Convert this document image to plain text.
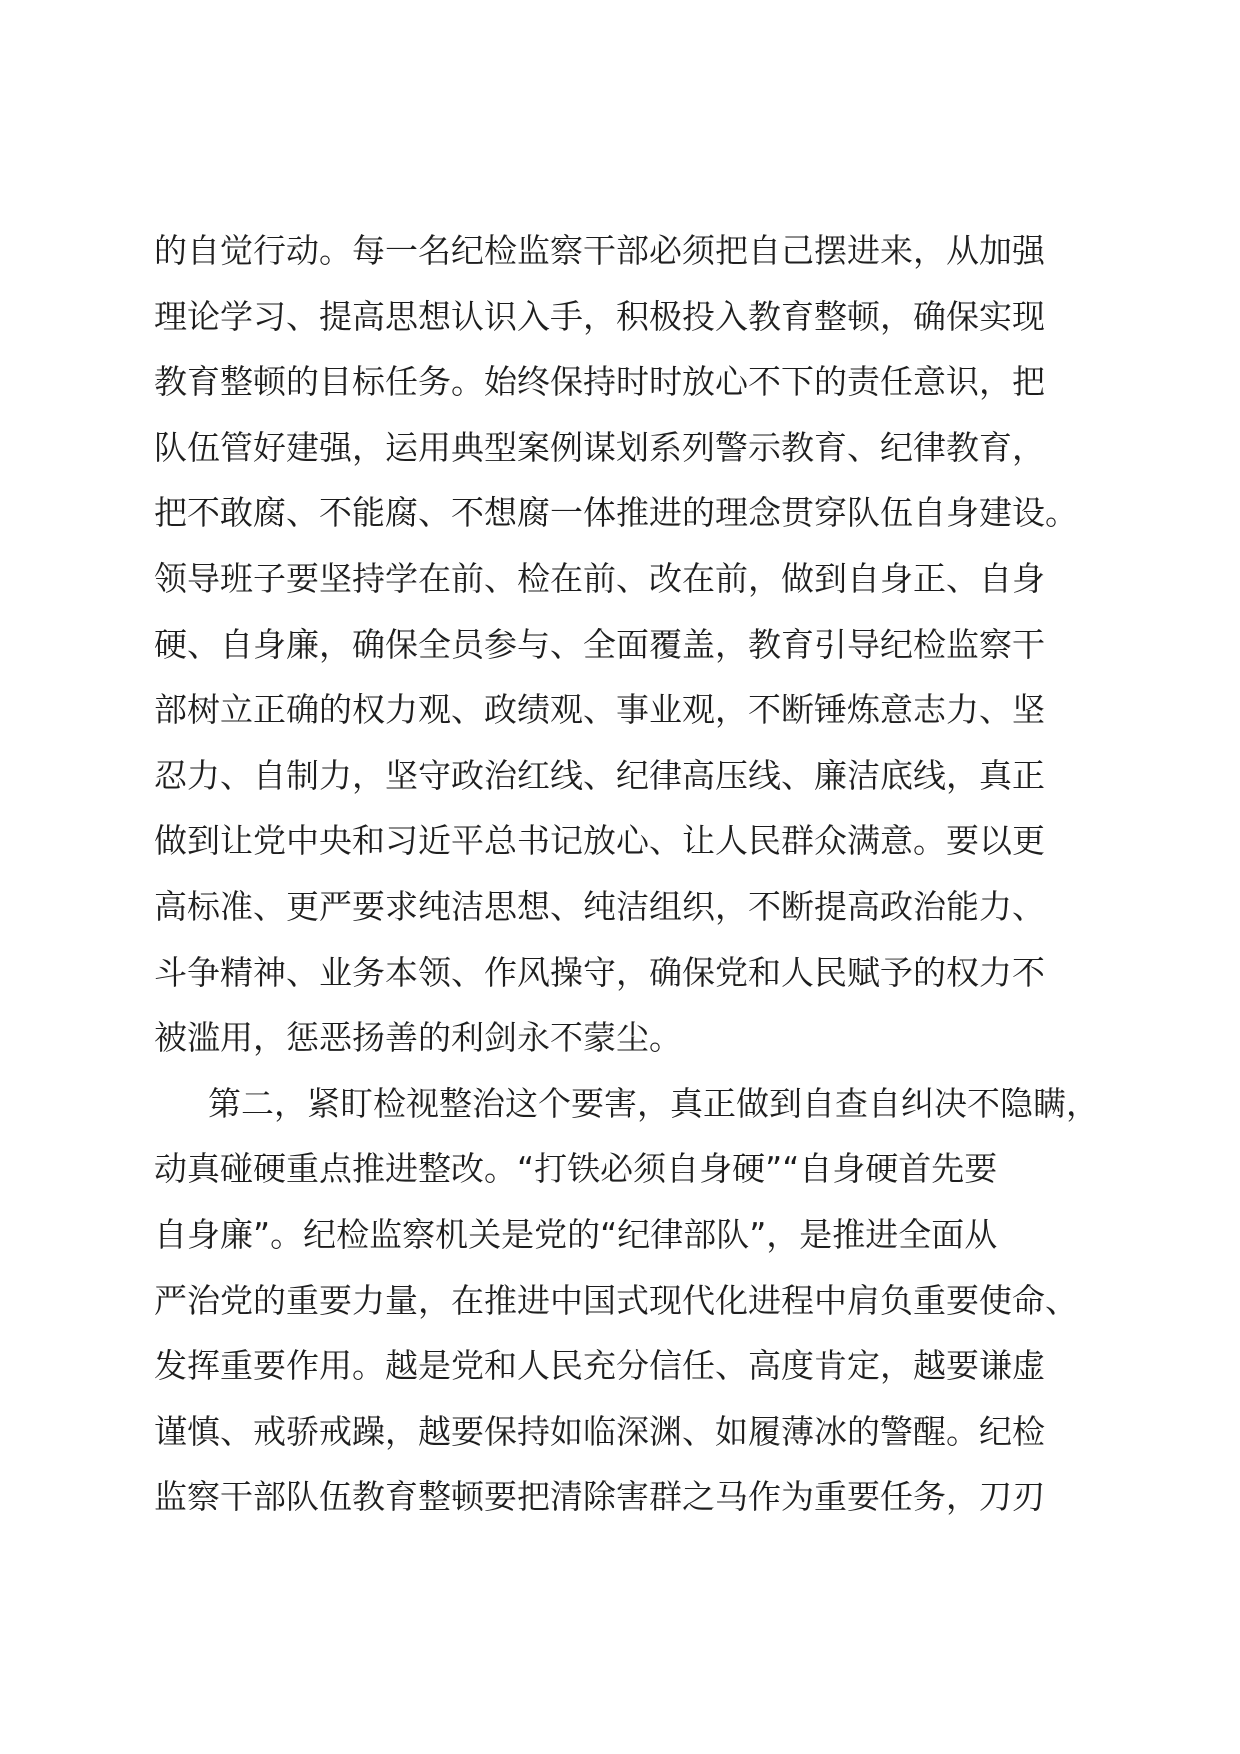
的自觉行动。每一名纪检监察干部必须把自己摆进来，从加强
理论学习、提高思想认识入手，积极投入教育整顿，确保实现
教育整顿的目标任务。始终保持时时放心不下的责任意识，把
队伍管好建强，运用典型案例谋划系列警示教育、纪律教育，
把不敢腐、不能腐、不想腐一体推进的理念贯穿队伍自身建设。
领导班子要坚持学在前、检在前、改在前，做到自身正、自身
硬、自身廉，确保全员参与、全面覆盖，教育引导纪检监察干
部树立正确的权力观、政绩观、事业观，不断锤炼意志力、坚
忍力、自制力，坚守政治红线、纪律高压线、廉洁底线，真正
做到让党中央和习近平总书记放心、让人民群众满意。要以更
高标准、更严要求纯洁思想、纯洁组织，不断提高政治能力、
斗争精神、业务本领、作风操守，确保党和人民赋予的权力不
被滥用，惩恶扬善的利剑永不蒙尘。
第二，紧盯检视整治这个要害，真正做到自查自纠决不隐瞒，
动真碰硬重点推进整改。“打铁必须自身硬”“自身硬首先要
自身廉”。纪检监察机关是党的“纪律部队”，是推进全面从
严治党的重要力量，在推进中国式现代化进程中肩负重要使命、
发挥重要作用。越是党和人民充分信任、高度肯定，越要谦虚
谨慎、戒骄戒躁，越要保持如临深渊、如履薄冰的警醒。纪检
监察干部队伍教育整顿要把清除害群之马作为重要任务，刀刃
